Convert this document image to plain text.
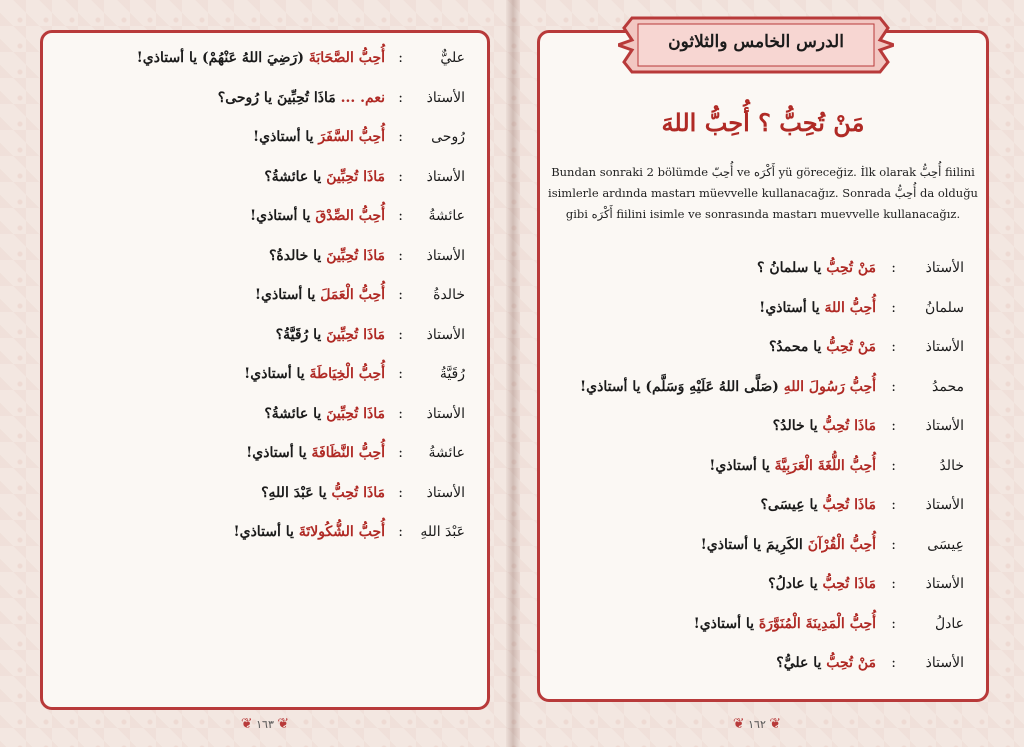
عليٌّ
:
أُحِبُّ الصَّحَابَةَ (رَضِيَ اللهُ عَنْهُمْ) يا أستاذي!
الأستاذ
:
نعم. ... مَاذَا تُحِبِّينَ يا رُوحى؟
رُوحى
:
أُحِبُّ السَّفَرَ يا أستاذي!
الأستاذ
:
مَاذَا تُحِبِّينَ يا عائشةُ؟
عائشةُ
:
أُحِبُّ الصِّدْقَ يا أستاذي!
الأستاذ
:
مَاذَا تُحِبِّينَ يا خالدةُ؟
خالدةُ
:
أُحِبُّ الْعَمَلَ يا أستاذي!
الأستاذ
:
مَاذَا تُحِبِّينَ يا رُقَيَّةُ؟
رُقَيَّةُ
:
أُحِبُّ الْخِيَاطَةَ يا أستاذي!
الأستاذ
:
مَاذَا تُحِبِّينَ يا عائشةُ؟
عائشةُ
:
أُحِبُّ النَّظَافَةَ يا أستاذي!
الأستاذ
:
مَاذَا تُحِبُّ يا عَبْدَ اللهِ؟
عَبْدَ اللهِ
:
أُحِبُّ الشُّكُولاتَةَ يا أستاذي!
❦ ١٦٣ ❦
الأستاذ
:
مَنْ تُحِبُّ يا سلمانُ ؟
سلمانُ
:
أُحِبُّ اللهَ يا أستاذي!
الأستاذ
:
مَنْ تُحِبُّ يا محمدُ؟
محمدُ
:
أُحِبُّ رَسُولَ اللهِ (صَلَّى اللهُ عَلَيْهِ وَسَلَّم) يا أستاذي!
الأستاذ
:
مَاذَا تُحِبُّ يا خالدُ؟
خالدُ
:
أُحِبُّ اللُّغَةَ الْعَرَبِيَّةَ يا أستاذي!
الأستاذ
:
مَاذَا تُحِبُّ يا عِيسَى؟
عِيسَى
:
أُحِبُّ الْقُرْآنَ الكَرِيمَ يا أستاذي!
الأستاذ
:
مَاذَا تُحِبُّ يا عادلُ؟
عادلُ
:
أُحِبُّ الْمَدِينَةَ الْمُنَوَّرَةَ يا أستاذي!
الأستاذ
:
مَنْ تُحِبُّ يا عليُّ؟
الدرس الخامس والثلاثون
مَنْ تُحِبُّ ؟ أُحِبُّ اللهَ
Bundan sonraki 2 bölümde أُحِبّ ve أَكْرَه yü göreceğiz. İlk olarak أُحِبُّ fiilini isimlerle ardında mastarı müevvelle kullanacağız. Sonrada أُحِبُّ da olduğu gibi أَكْرَه fiilini isimle ve sonrasında mastarı muevvelle kullanacağız.
❦ ١٦٢ ❦
